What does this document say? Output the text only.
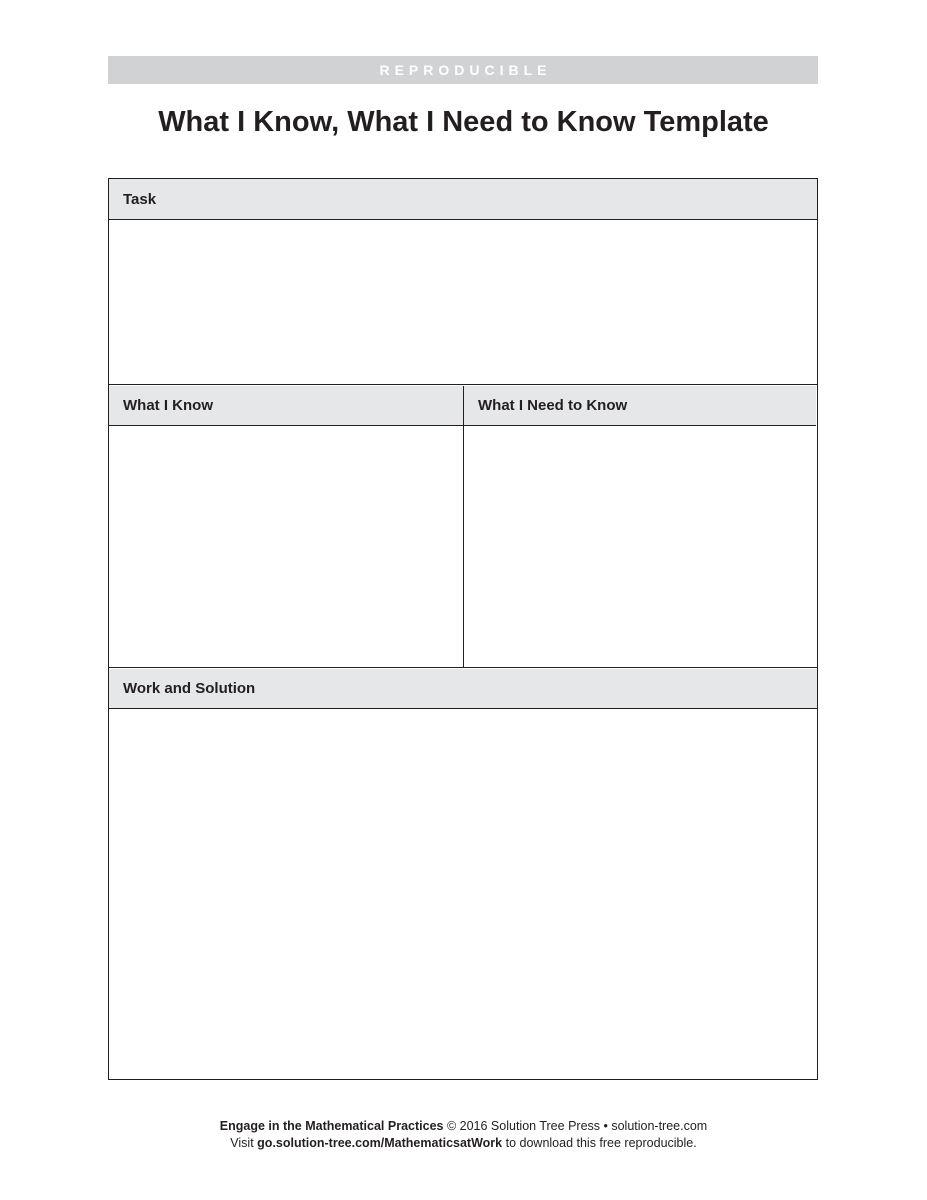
REPRODUCIBLE
What I Know, What I Need to Know Template
Task
What I Know	What I Need to Know
Work and Solution
Engage in the Mathematical Practices © 2016 Solution Tree Press • solution-tree.com
Visit go.solution-tree.com/MathematicsatWork to download this free reproducible.
